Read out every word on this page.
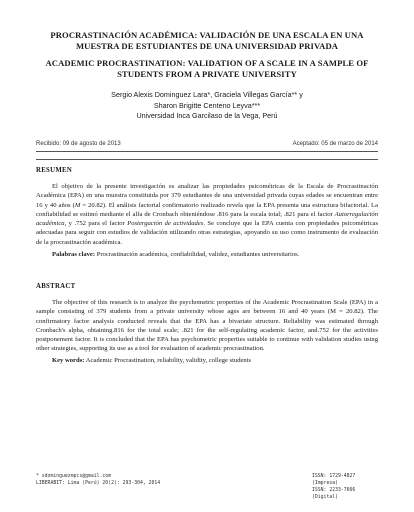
PROCRASTINACIÓN ACADÉMICA: VALIDACIÓN DE UNA ESCALA EN UNA MUESTRA DE ESTUDIANTES DE UNA UNIVERSIDAD PRIVADA
ACADEMIC PROCRASTINATION: VALIDATION OF A SCALE IN A SAMPLE OF STUDENTS FROM A PRIVATE UNIVERSITY
Sergio Alexis Dominguez Lara*, Graciela Villegas García** y
Sharon Brigitte Centeno Leyva***
Universidad Inca Garcilaso de la Vega, Perú
Recibido: 09 de agosto de 2013	Aceptado: 05 de marzo de 2014
RESUMEN
El objetivo de la presente investigación es analizar las propiedades psicométricas de la Escala de Procrastinación Académica (EPA) en una muestra constituida por 379 estudiantes de una universidad privada cuyas edades se encuentran entre 16 y 40 años (M = 20.82). El análisis factorial confirmatorio realizado revela que la EPA presenta una estructura bifactorial. La confiabilidad se estimó mediante el alfa de Cronbach obteniéndose .816 para la escala total; .821 para el factor Autorregulación académica, y .752 para el factor Postergación de actividades. Se concluye que la EPA cuenta con propiedades psicométricas adecuadas para seguir con estudios de validación utilizando otras estrategias, apoyando su uso como instrumento de evaluación de la procrastinación académica.
Palabras clave: Procrastinación académica, confiabilidad, validez, estudiantes universitarios.
ABSTRACT
The objective of this research is to analyze the psychometric properties of the Academic Procrastination Scale (EPA) in a sample consisting of 379 students from a private university whose ages are between 16 and 40 years (M = 20.82). The confirmatory factor analysis conducted reveals that the EPA has a bivariate structure. Reliability was estimated through Cronbach's alpha, obtaining.816 for the total scale; .821 for the self-regulating academic factor, and.752 for the activities postponement factor. It is concluded that the EPA has psychometric properties suitable to continue with validation studies using other strategies, supporting its use as a tool for evaluation of academic procrastination.
Key words: Academic Procrastination, reliability, validity, college students
* sdominguezmpcs@gmail.com
LIBERABIT: Lima (Perú) 20(2): 293-304, 2014
ISSN: 1729-4827 (Impresa)
ISSN: 2233-7666 (Digital)
